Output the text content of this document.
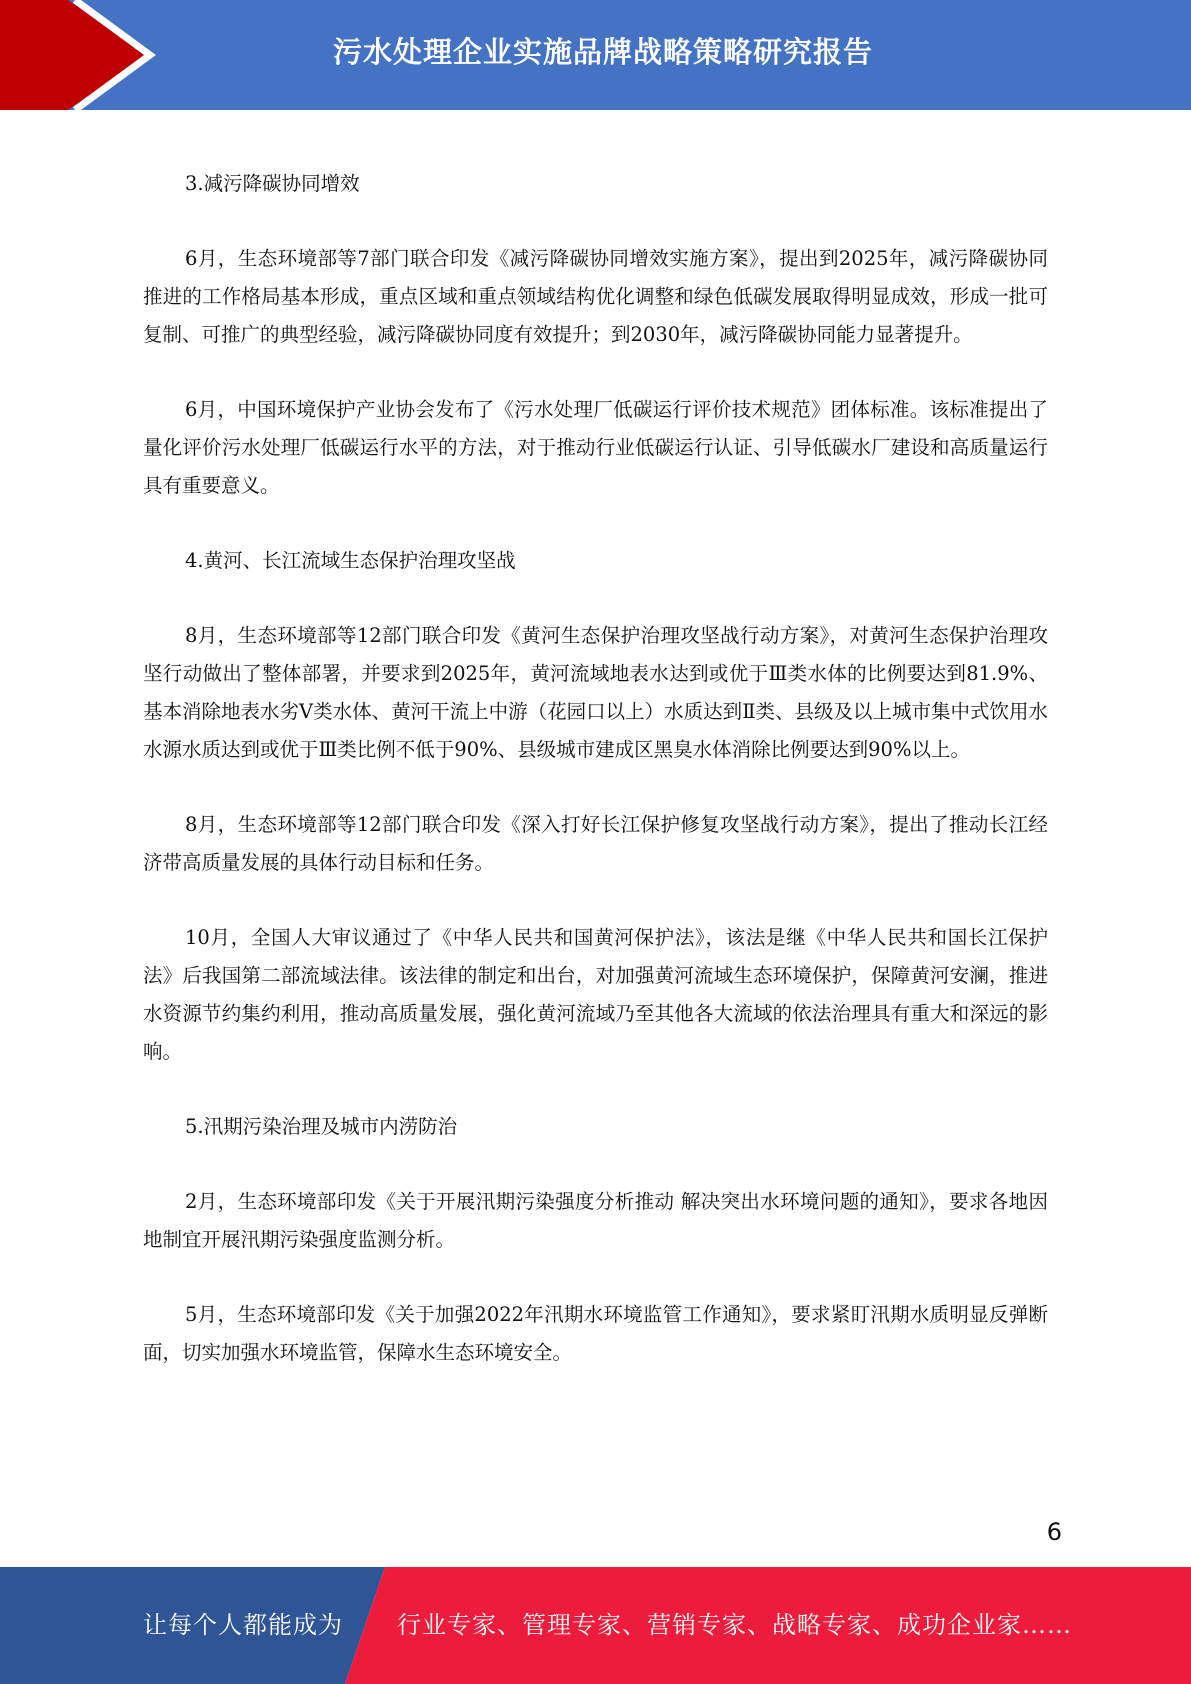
污水处理企业实施品牌战略策略研究报告

3.减污降碳协同增效

6月，生态环境部等7部门联合印发《减污降碳协同增效实施方案》，提出到2025年，减污降碳协同推进的工作格局基本形成，重点区域和重点领域结构优化调整和绿色低碳发展取得明显成效，形成一批可复制、可推广的典型经验，减污降碳协同度有效提升；到2030年，减污降碳协同能力显著提升。

6月，中国环境保护产业协会发布了《污水处理厂低碳运行评价技术规范》团体标准。该标准提出了量化评价污水处理厂低碳运行水平的方法，对于推动行业低碳运行认证、引导低碳水厂建设和高质量运行具有重要意义。

4.黄河、长江流域生态保护治理攻坚战

8月，生态环境部等12部门联合印发《黄河生态保护治理攻坚战行动方案》，对黄河生态保护治理攻坚行动做出了整体部署，并要求到2025年，黄河流域地表水达到或优于Ⅲ类水体的比例要达到81.9%、基本消除地表水劣Ⅴ类水体、黄河干流上中游（花园口以上）水质达到Ⅱ类、县级及以上城市集中式饮用水水源水质达到或优于Ⅲ类比例不低于90%、县级城市建成区黑臭水体消除比例要达到90%以上。

8月，生态环境部等12部门联合印发《深入打好长江保护修复攻坚战行动方案》，提出了推动长江经济带高质量发展的具体行动目标和任务。

10月，全国人大审议通过了《中华人民共和国黄河保护法》，该法是继《中华人民共和国长江保护法》后我国第二部流域法律。该法律的制定和出台，对加强黄河流域生态环境保护，保障黄河安澜，推进水资源节约集约利用，推动高质量发展，强化黄河流域乃至其他各大流域的依法治理具有重大和深远的影响。

5.汛期污染治理及城市内涝防治

2月，生态环境部印发《关于开展汛期污染强度分析推动 解决突出水环境问题的通知》，要求各地因地制宜开展汛期污染强度监测分析。

5月，生态环境部印发《关于加强2022年汛期水环境监管工作通知》，要求紧盯汛期水质明显反弹断面，切实加强水环境监管，保障水生态环境安全。

6
让每个人都能成为 行业专家、管理专家、营销专家、战略专家、成功企业家……
